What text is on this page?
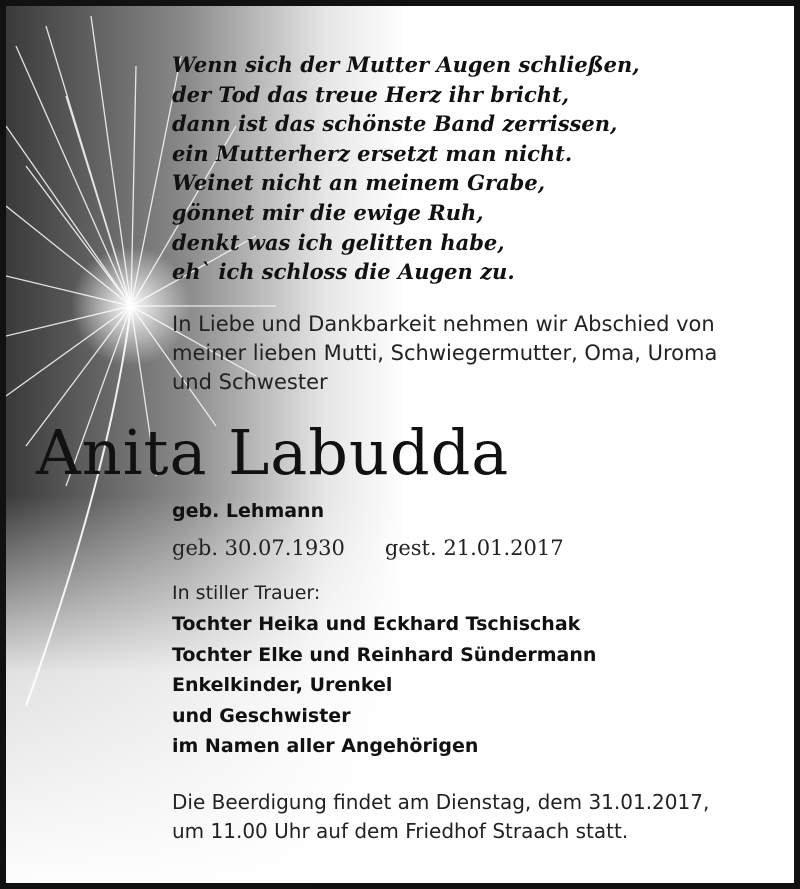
Wenn sich der Mutter Augen schließen,
der Tod das treue Herz ihr bricht,
dann ist das schönste Band zerrissen,
ein Mutterherz ersetzt man nicht.
Weinet nicht an meinem Grabe,
gönnet mir die ewige Ruh,
denkt was ich gelitten habe,
eh` ich schloss die Augen zu.
In Liebe und Dankbarkeit nehmen wir Abschied von
meiner lieben Mutti, Schwiegermutter, Oma, Uroma
und Schwester
Anita Labudda
geb. Lehmann
geb. 30.07.1930 gest. 21.01.2017
In stiller Trauer:
Tochter Heika und Eckhard Tschischak
Tochter Elke und Reinhard Sündermann
Enkelkinder, Urenkel
und Geschwister
im Namen aller Angehörigen
Die Beerdigung findet am Dienstag, dem 31.01.2017,
um 11.00 Uhr auf dem Friedhof Straach statt.
